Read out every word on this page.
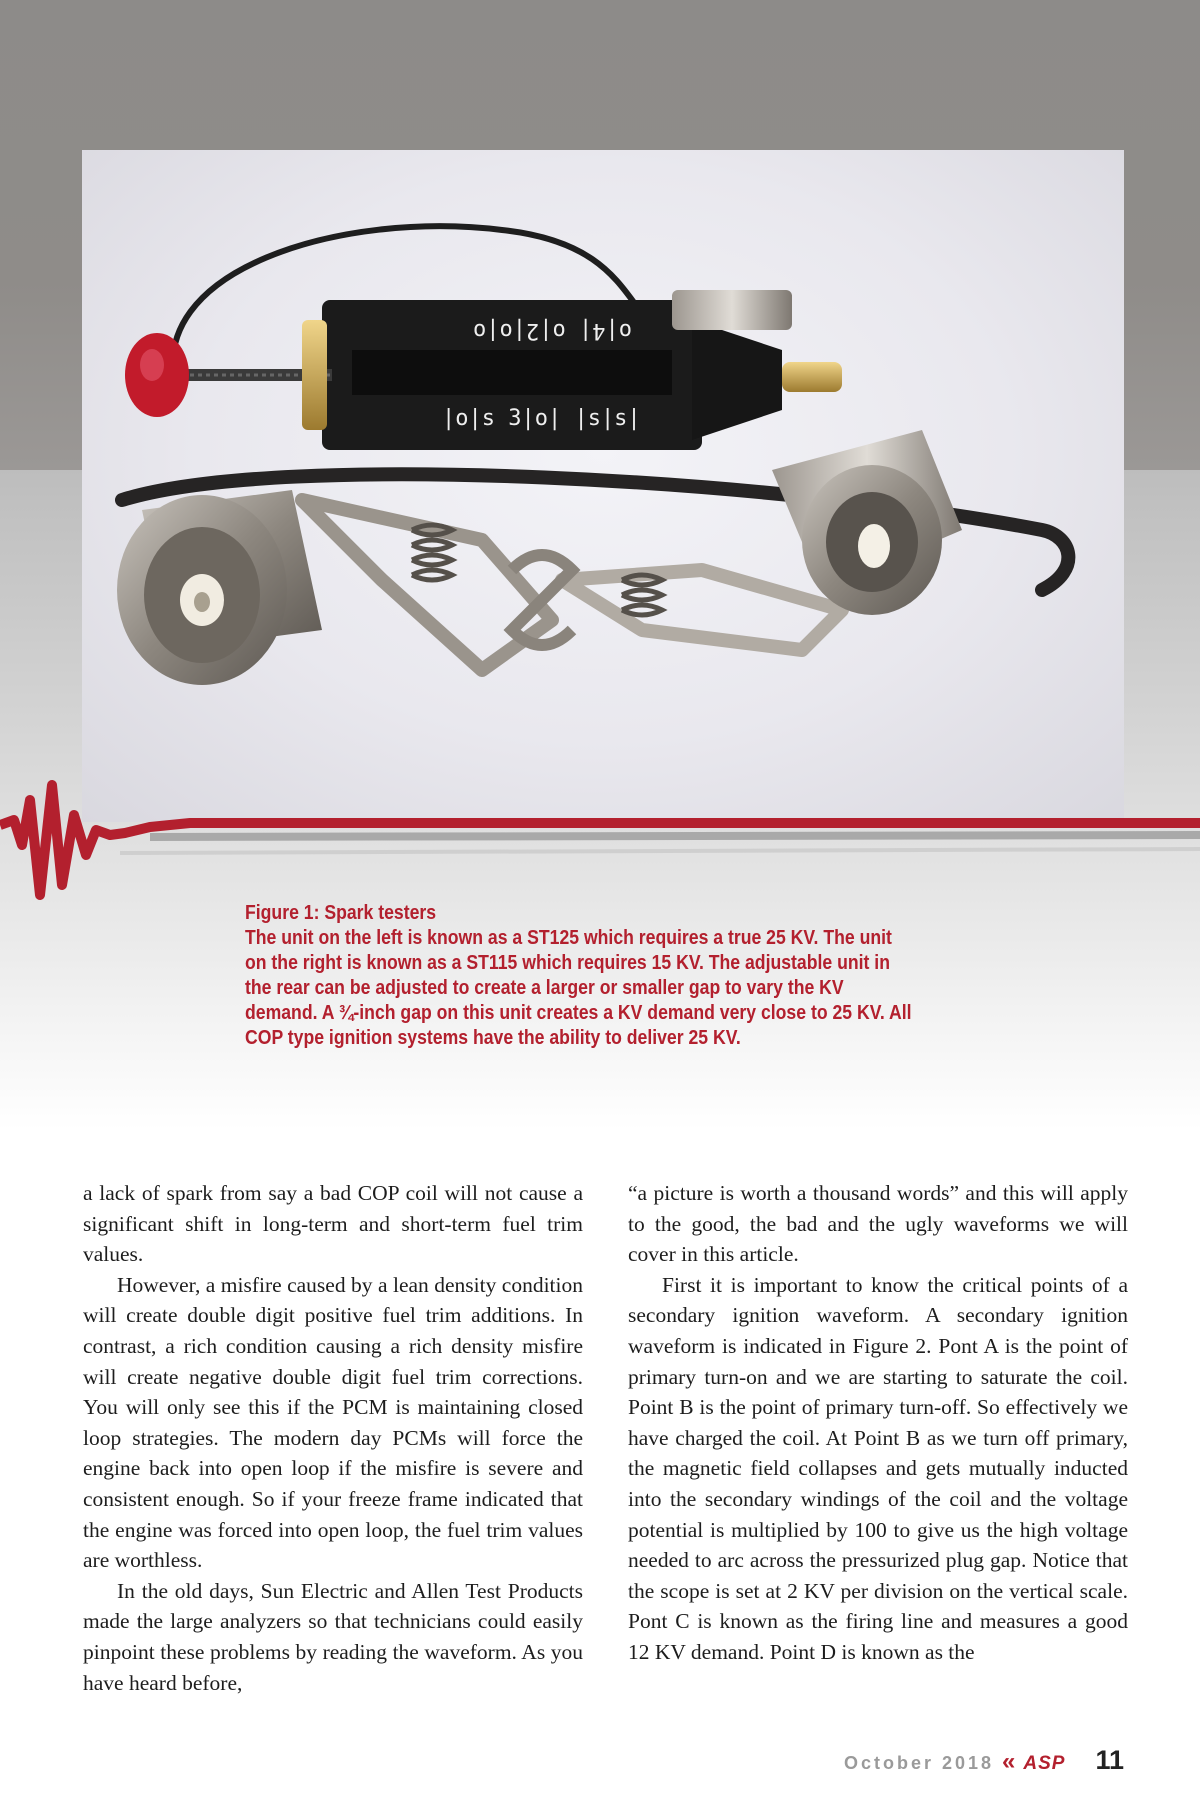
o|4| o|2|o|o
|o|s 3|o| |s|s|
Figure 1: Spark testers
The unit on the left is known as a ST125 which requires a true 25 KV. The unit on the right is known as a ST115 which requires 15 KV. The adjustable unit in the rear can be adjusted to create a larger or smaller gap to vary the KV demand. A ¾-inch gap on this unit creates a KV demand very close to 25 KV. All COP type ignition systems have the ability to deliver 25 KV.

a lack of spark from say a bad COP coil will not cause a significant shift in long-term and short-term fuel trim values.

However, a misfire caused by a lean density condition will create double digit positive fuel trim additions. In contrast, a rich condition causing a rich density misfire will create negative double digit fuel trim corrections. You will only see this if the PCM is maintaining closed loop strategies. The modern day PCMs will force the engine back into open loop if the misfire is severe and consistent enough. So if your freeze frame indicated that the engine was forced into open loop, the fuel trim values are worthless.

In the old days, Sun Electric and Allen Test Products made the large analyzers so that technicians could easily pinpoint these problems by reading the waveform. As you have heard before,

“a picture is worth a thousand words” and this will apply to the good, the bad and the ugly waveforms we will cover in this article.

First it is important to know the critical points of a secondary ignition waveform. A secondary ignition waveform is indicated in Figure 2. Pont A is the point of primary turn-on and we are starting to saturate the coil. Point B is the point of primary turn-off. So effectively we have charged the coil. At Point B as we turn off primary, the magnetic field collapses and gets mutually inducted into the secondary windings of the coil and the voltage potential is multiplied by 100 to give us the high voltage needed to arc across the pressurized plug gap. Notice that the scope is set at 2 KV per division on the vertical scale. Pont C is known as the firing line and measures a good 12 KV demand. Point D is known as the

October 2018 « ASP 11
